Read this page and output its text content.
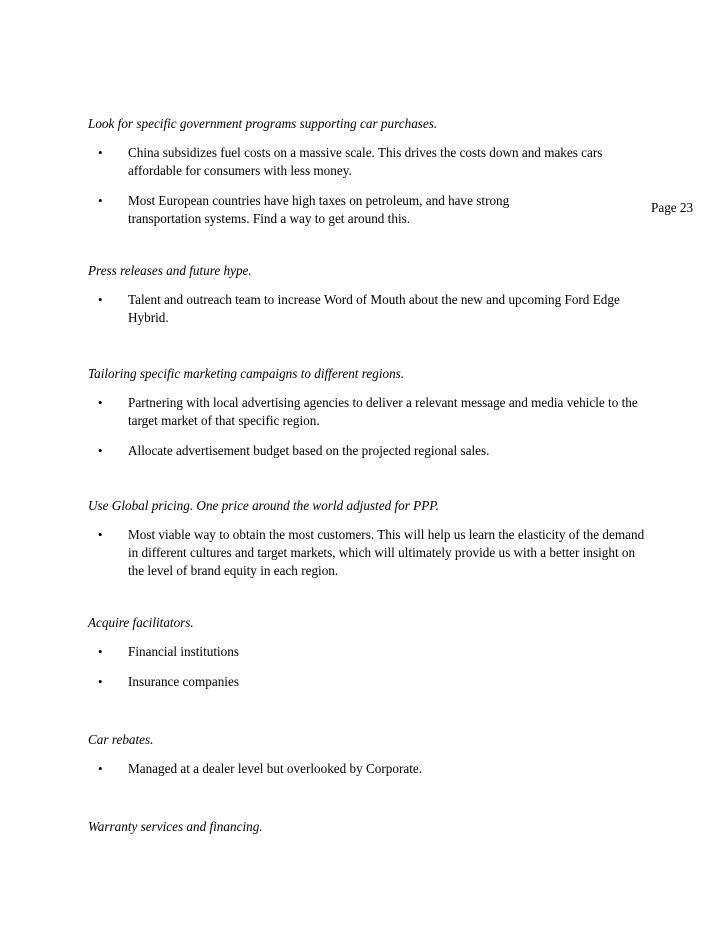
Page 23

Look for specific government programs supporting car purchases.

• China subsidizes fuel costs on a massive scale. This drives the costs down and makes cars affordable for consumers with less money.
• Most European countries have high taxes on petroleum, and have strong transportation systems. Find a way to get around this.

Press releases and future hype.

• Talent and outreach team to increase Word of Mouth about the new and upcoming Ford Edge Hybrid.

Tailoring specific marketing campaigns to different regions.

• Partnering with local advertising agencies to deliver a relevant message and media vehicle to the target market of that specific region.
• Allocate advertisement budget based on the projected regional sales.

Use Global pricing. One price around the world adjusted for PPP.

• Most viable way to obtain the most customers. This will help us learn the elasticity of the demand in different cultures and target markets, which will ultimately provide us with a better insight on the level of brand equity in each region.

Acquire facilitators.

• Financial institutions
• Insurance companies

Car rebates.

• Managed at a dealer level but overlooked by Corporate.

Warranty services and financing.
